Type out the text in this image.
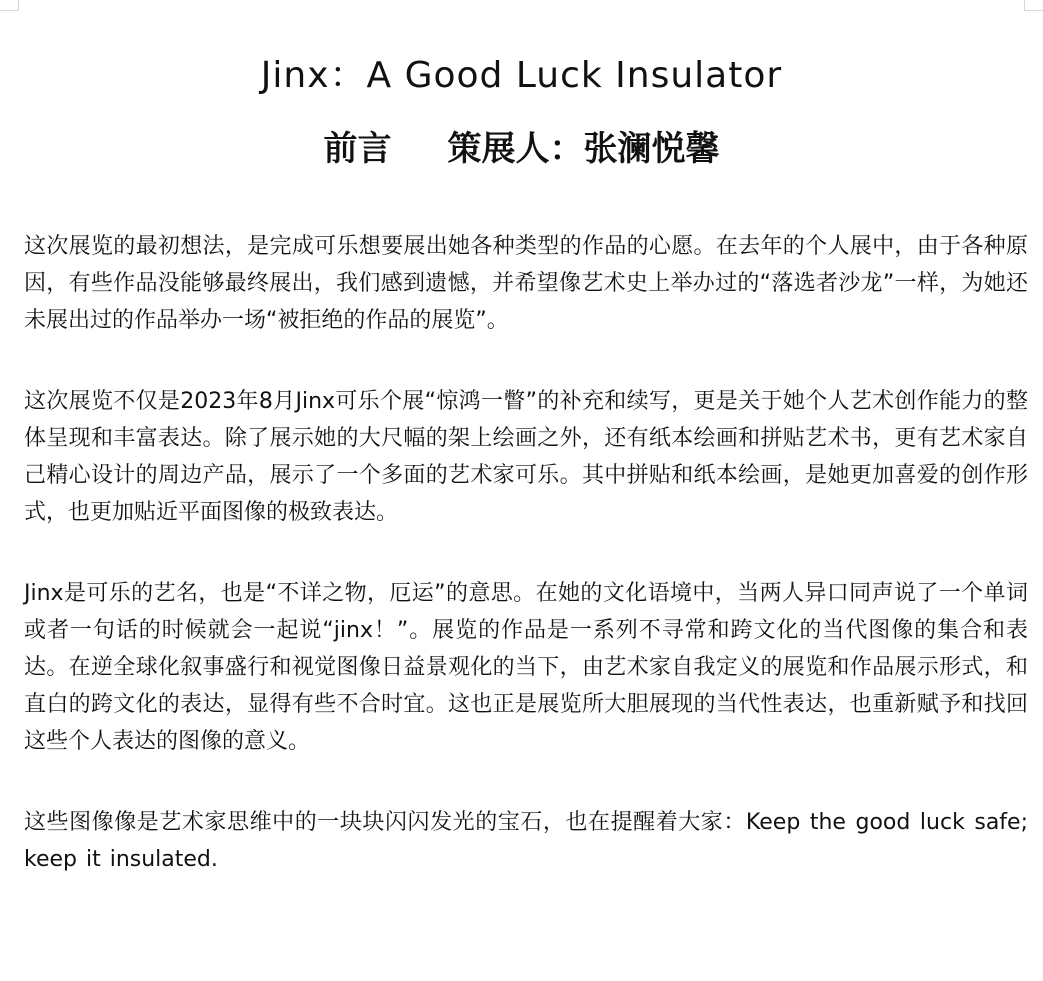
Jinx：A Good Luck Insulator
前言 策展人：张澜悦馨

这次展览的最初想法，是完成可乐想要展出她各种类型的作品的心愿。在去年的个人展中，由于各种原因，有些作品没能够最终展出，我们感到遗憾，并希望像艺术史上举办过的“落选者沙龙”一样，为她还未展出过的作品举办一场“被拒绝的作品的展览”。

这次展览不仅是2023年8月Jinx可乐个展“惊鸿一瞥”的补充和续写，更是关于她个人艺术创作能力的整体呈现和丰富表达。除了展示她的大尺幅的架上绘画之外，还有纸本绘画和拼贴艺术书，更有艺术家自己精心设计的周边产品，展示了一个多面的艺术家可乐。其中拼贴和纸本绘画，是她更加喜爱的创作形式，也更加贴近平面图像的极致表达。

Jinx是可乐的艺名，也是“不详之物，厄运”的意思。在她的文化语境中，当两人异口同声说了一个单词或者一句话的时候就会一起说“jinx！”。展览的作品是一系列不寻常和跨文化的当代图像的集合和表达。在逆全球化叙事盛行和视觉图像日益景观化的当下，由艺术家自我定义的展览和作品展示形式，和直白的跨文化的表达，显得有些不合时宜。这也正是展览所大胆展现的当代性表达，也重新赋予和找回这些个人表达的图像的意义。

这些图像像是艺术家思维中的一块块闪闪发光的宝石，也在提醒着大家：Keep the good luck safe; keep it insulated.
